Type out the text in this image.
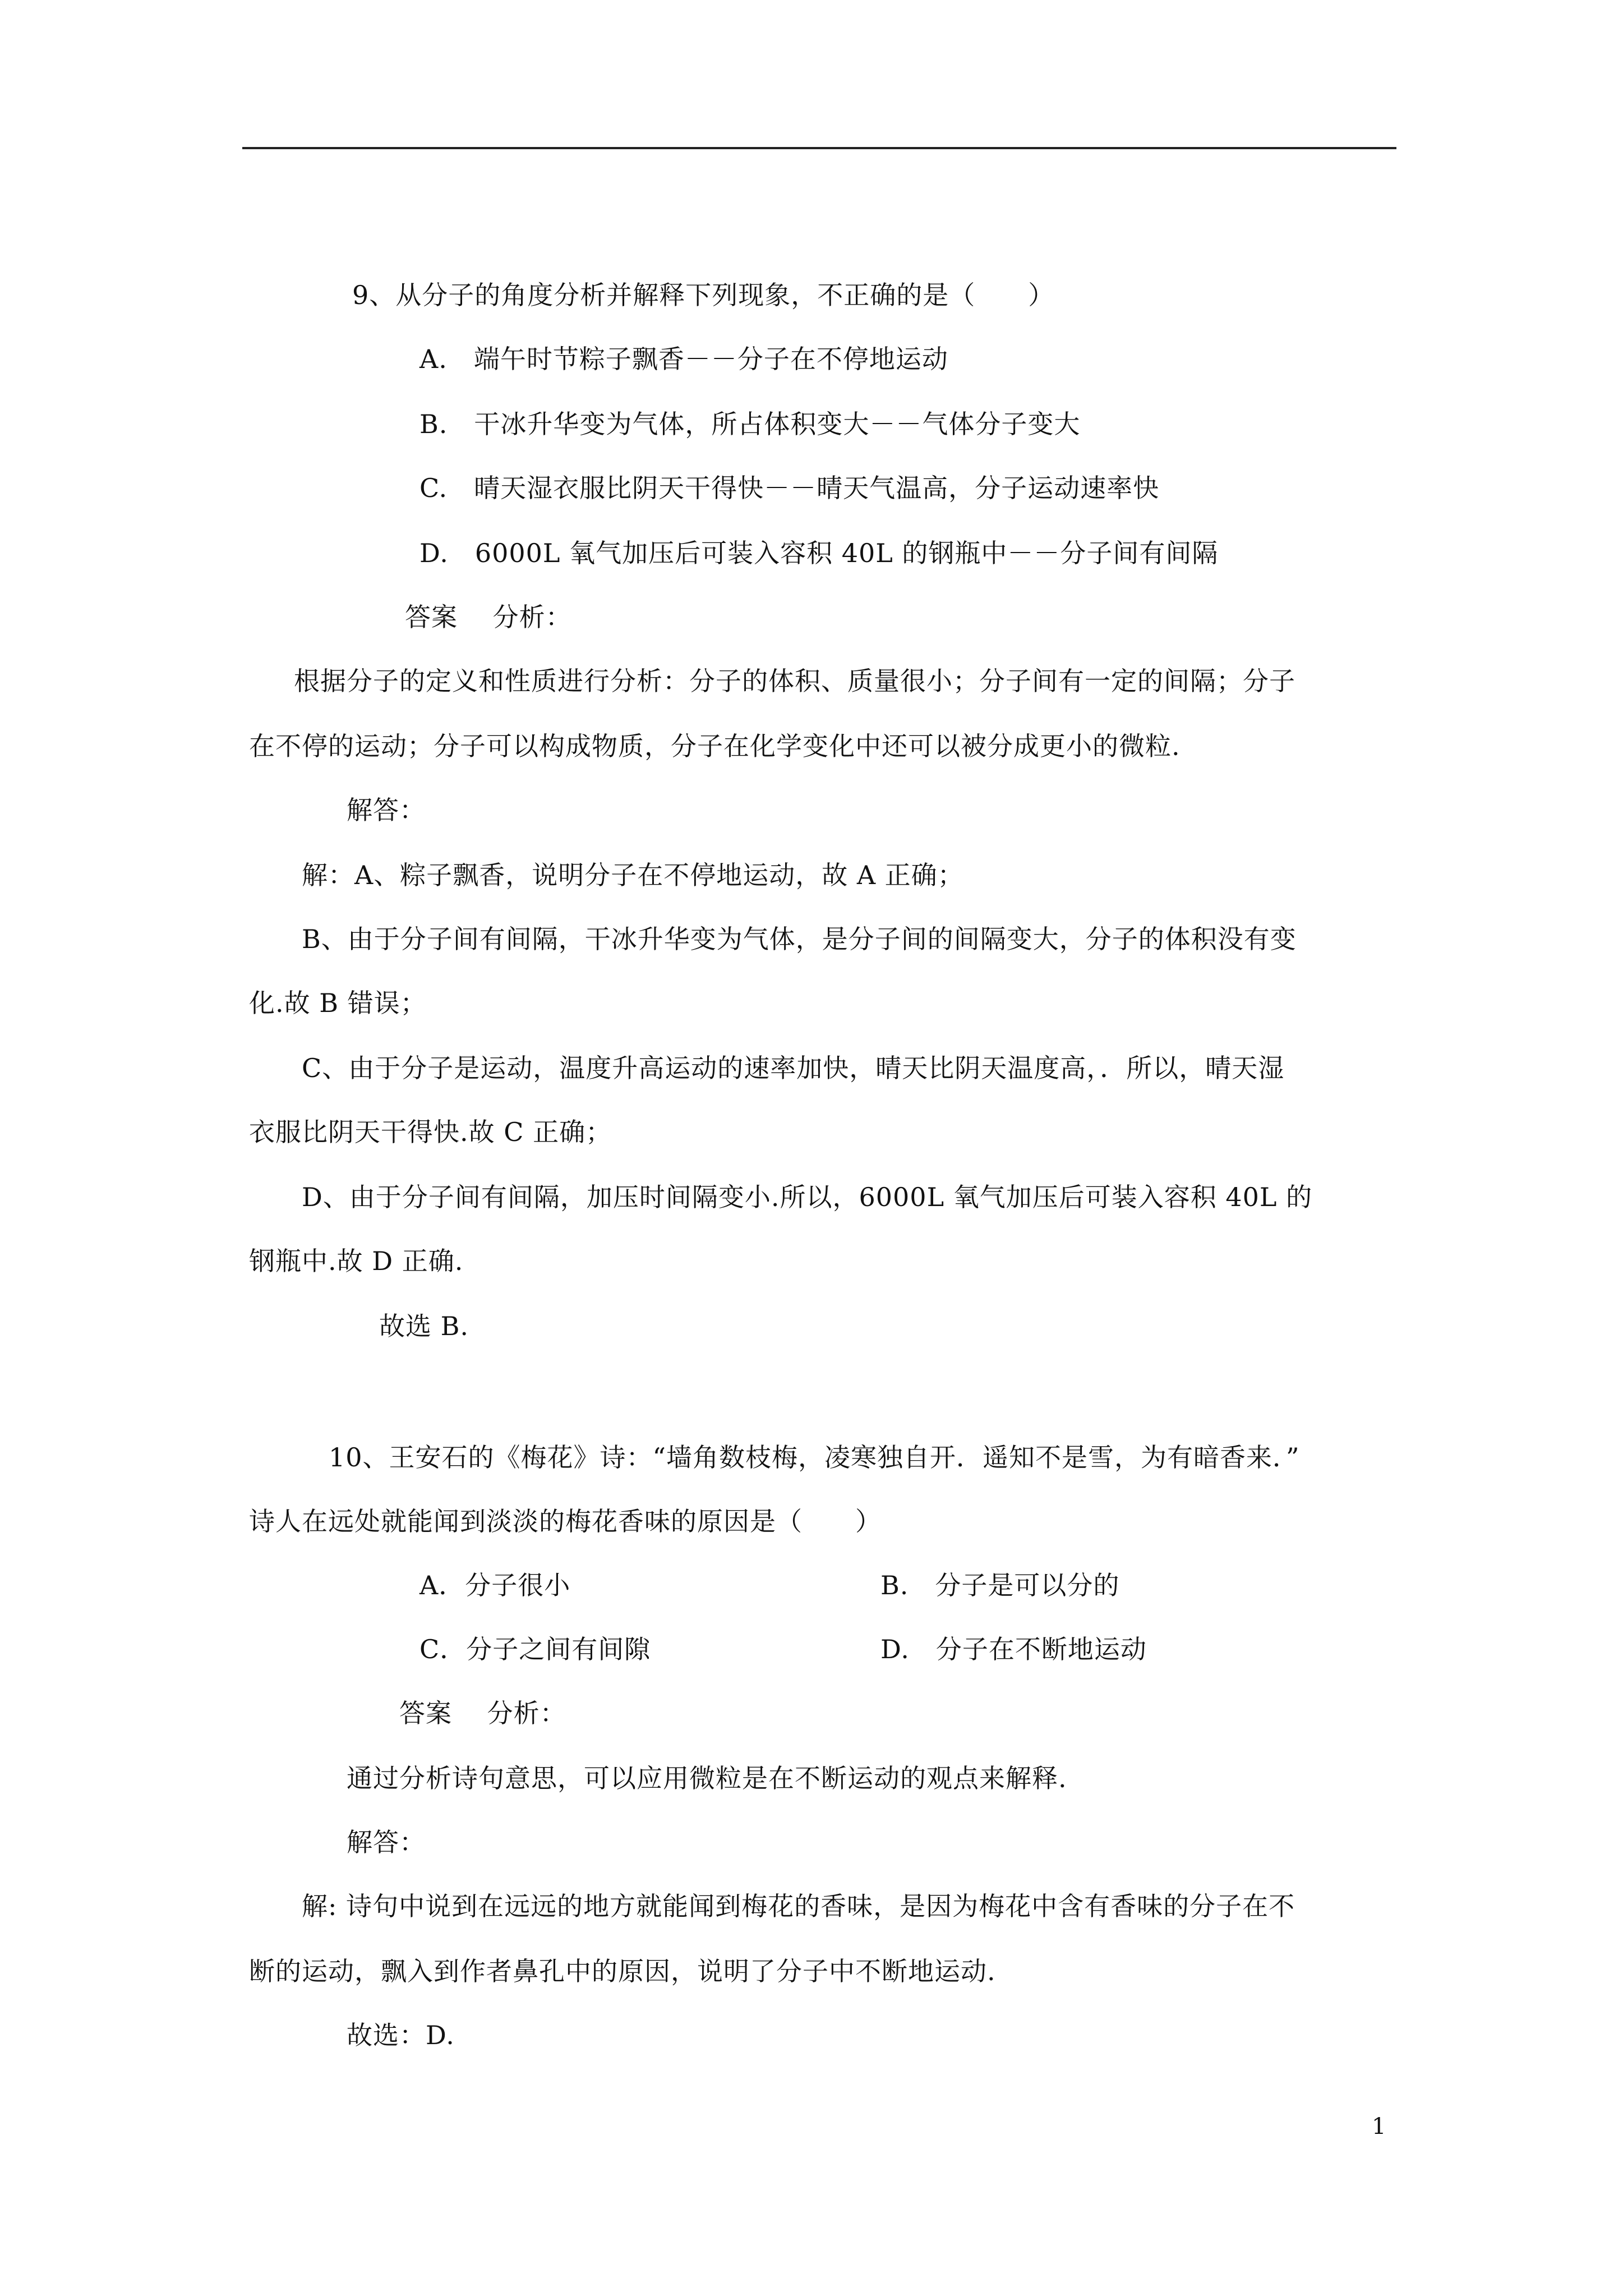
9、从分子的角度分析并解释下列现象，不正确的是（　　）
A.　端午时节粽子飘香－－分子在不停地运动
B.　干冰升华变为气体，所占体积变大－－气体分子变大
C.　晴天湿衣服比阴天干得快－－晴天气温高，分子运动速率快
D.　6000L 氧气加压后可装入容积 40L 的钢瓶中－－分子间有间隔
答案　 分析：
根据分子的定义和性质进行分析：分子的体积、质量很小；分子间有一定的间隔；分子
在不停的运动；分子可以构成物质，分子在化学变化中还可以被分成更小的微粒.
解答：
解：A、粽子飘香，说明分子在不停地运动，故 A 正确；
B、由于分子间有间隔，干冰升华变为气体，是分子间的间隔变大，分子的体积没有变
化.故 B 错误；
C、由于分子是运动，温度升高运动的速率加快，晴天比阴天温度高，．所以，晴天湿
衣服比阴天干得快.故 C 正确；
D、由于分子间有间隔，加压时间隔变小.所以，6000L 氧气加压后可装入容积 40L 的
钢瓶中.故 D 正确.
故选 B.
10、王安石的《梅花》诗：“墙角数枝梅，凌寒独自开．遥知不是雪，为有暗香来．”
诗人在远处就能闻到淡淡的梅花香味的原因是（　　）
A．分子很小	B.　分子是可以分的
C．分子之间有间隙	D.　分子在不断地运动
答案　 分析：
通过分析诗句意思，可以应用微粒是在不断运动的观点来解释.
解答：
解: 诗句中说到在远远的地方就能闻到梅花的香味，是因为梅花中含有香味的分子在不
断的运动，飘入到作者鼻孔中的原因，说明了分子中不断地运动.
故选：D.
1
